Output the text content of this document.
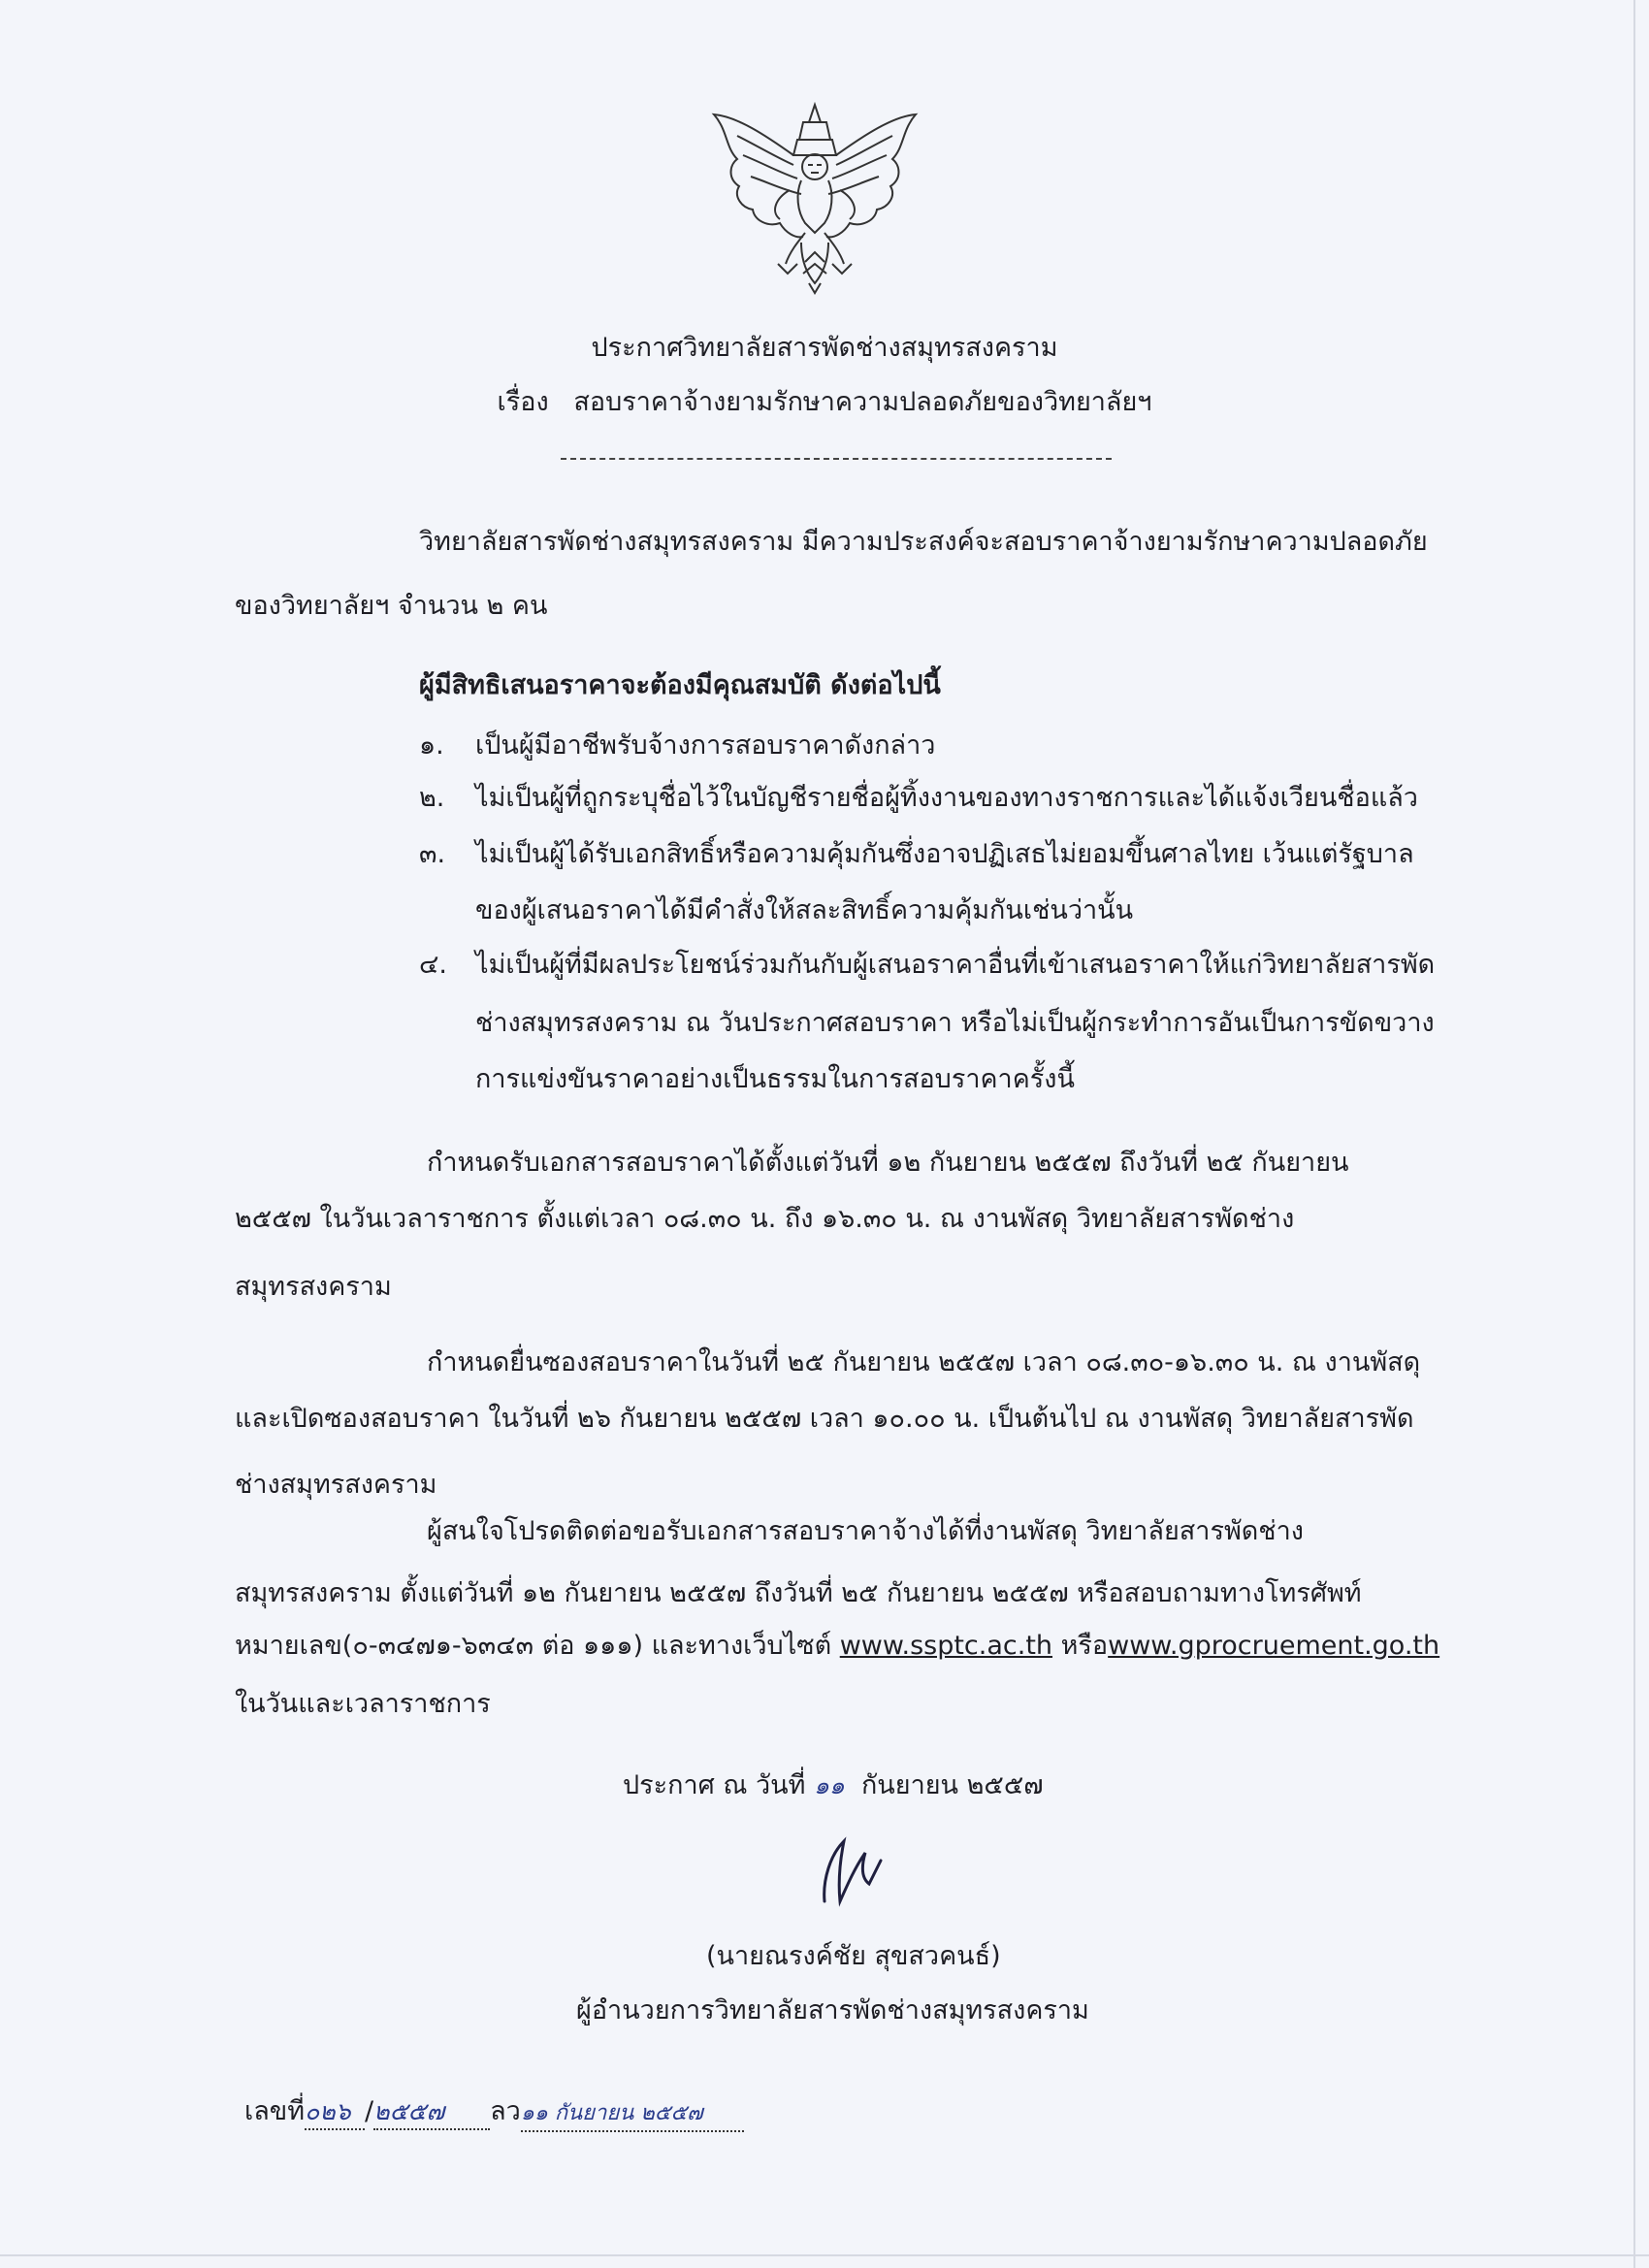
ประกาศวิทยาลัยสารพัดช่างสมุทรสงคราม
เรื่อง สอบราคาจ้างยามรักษาความปลอดภัยของวิทยาลัยฯ
วิทยาลัยสารพัดช่างสมุทรสงคราม มีความประสงค์จะสอบราคาจ้างยามรักษาความปลอดภัย
ของวิทยาลัยฯ จำนวน ๒ คน
ผู้มีสิทธิเสนอราคาจะต้องมีคุณสมบัติ ดังต่อไปนี้
๑. เป็นผู้มีอาชีพรับจ้างการสอบราคาดังกล่าว
๒. ไม่เป็นผู้ที่ถูกระบุชื่อไว้ในบัญชีรายชื่อผู้ทิ้งงานของทางราชการและได้แจ้งเวียนชื่อแล้ว
๓. ไม่เป็นผู้ได้รับเอกสิทธิ์หรือความคุ้มกันซึ่งอาจปฏิเสธไม่ยอมขึ้นศาลไทย เว้นแต่รัฐบาล
ของผู้เสนอราคาได้มีคำสั่งให้สละสิทธิ์ความคุ้มกันเช่นว่านั้น
๔. ไม่เป็นผู้ที่มีผลประโยชน์ร่วมกันกับผู้เสนอราคาอื่นที่เข้าเสนอราคาให้แก่วิทยาลัยสารพัด
ช่างสมุทรสงคราม ณ วันประกาศสอบราคา หรือไม่เป็นผู้กระทำการอันเป็นการขัดขวาง
การแข่งขันราคาอย่างเป็นธรรมในการสอบราคาครั้งนี้
กำหนดรับเอกสารสอบราคาได้ตั้งแต่วันที่ ๑๒ กันยายน ๒๕๕๗ ถึงวันที่ ๒๕ กันยายน
๒๕๕๗ ในวันเวลาราชการ ตั้งแต่เวลา ๐๘.๓๐ น. ถึง ๑๖.๓๐ น. ณ งานพัสดุ วิทยาลัยสารพัดช่าง
สมุทรสงคราม
กำหนดยื่นซองสอบราคาในวันที่ ๒๕ กันยายน ๒๕๕๗ เวลา ๐๘.๓๐-๑๖.๓๐ น. ณ งานพัสดุ
และเปิดซองสอบราคา ในวันที่ ๒๖ กันยายน ๒๕๕๗ เวลา ๑๐.๐๐ น. เป็นต้นไป ณ งานพัสดุ วิทยาลัยสารพัด
ช่างสมุทรสงคราม
ผู้สนใจโปรดติดต่อขอรับเอกสารสอบราคาจ้างได้ที่งานพัสดุ วิทยาลัยสารพัดช่าง
สมุทรสงคราม ตั้งแต่วันที่ ๑๒ กันยายน ๒๕๕๗ ถึงวันที่ ๒๕ กันยายน ๒๕๕๗ หรือสอบถามทางโทรศัพท์
หมายเลข(๐-๓๔๗๑-๖๓๔๓ ต่อ ๑๑๑) และทางเว็บไซต์ www.ssptc.ac.th หรือwww.gprocruement.go.th
ในวันและเวลาราชการ
ประกาศ ณ วันที่ ๑๑ กันยายน ๒๕๕๗
(นายณรงค์ชัย สุขสวคนธ์)
ผู้อำนวยการวิทยาลัยสารพัดช่างสมุทรสงคราม
เลขที่๐๒๖ /๒๕๕๗ ลว๑๑ กันยายน ๒๕๕๗
